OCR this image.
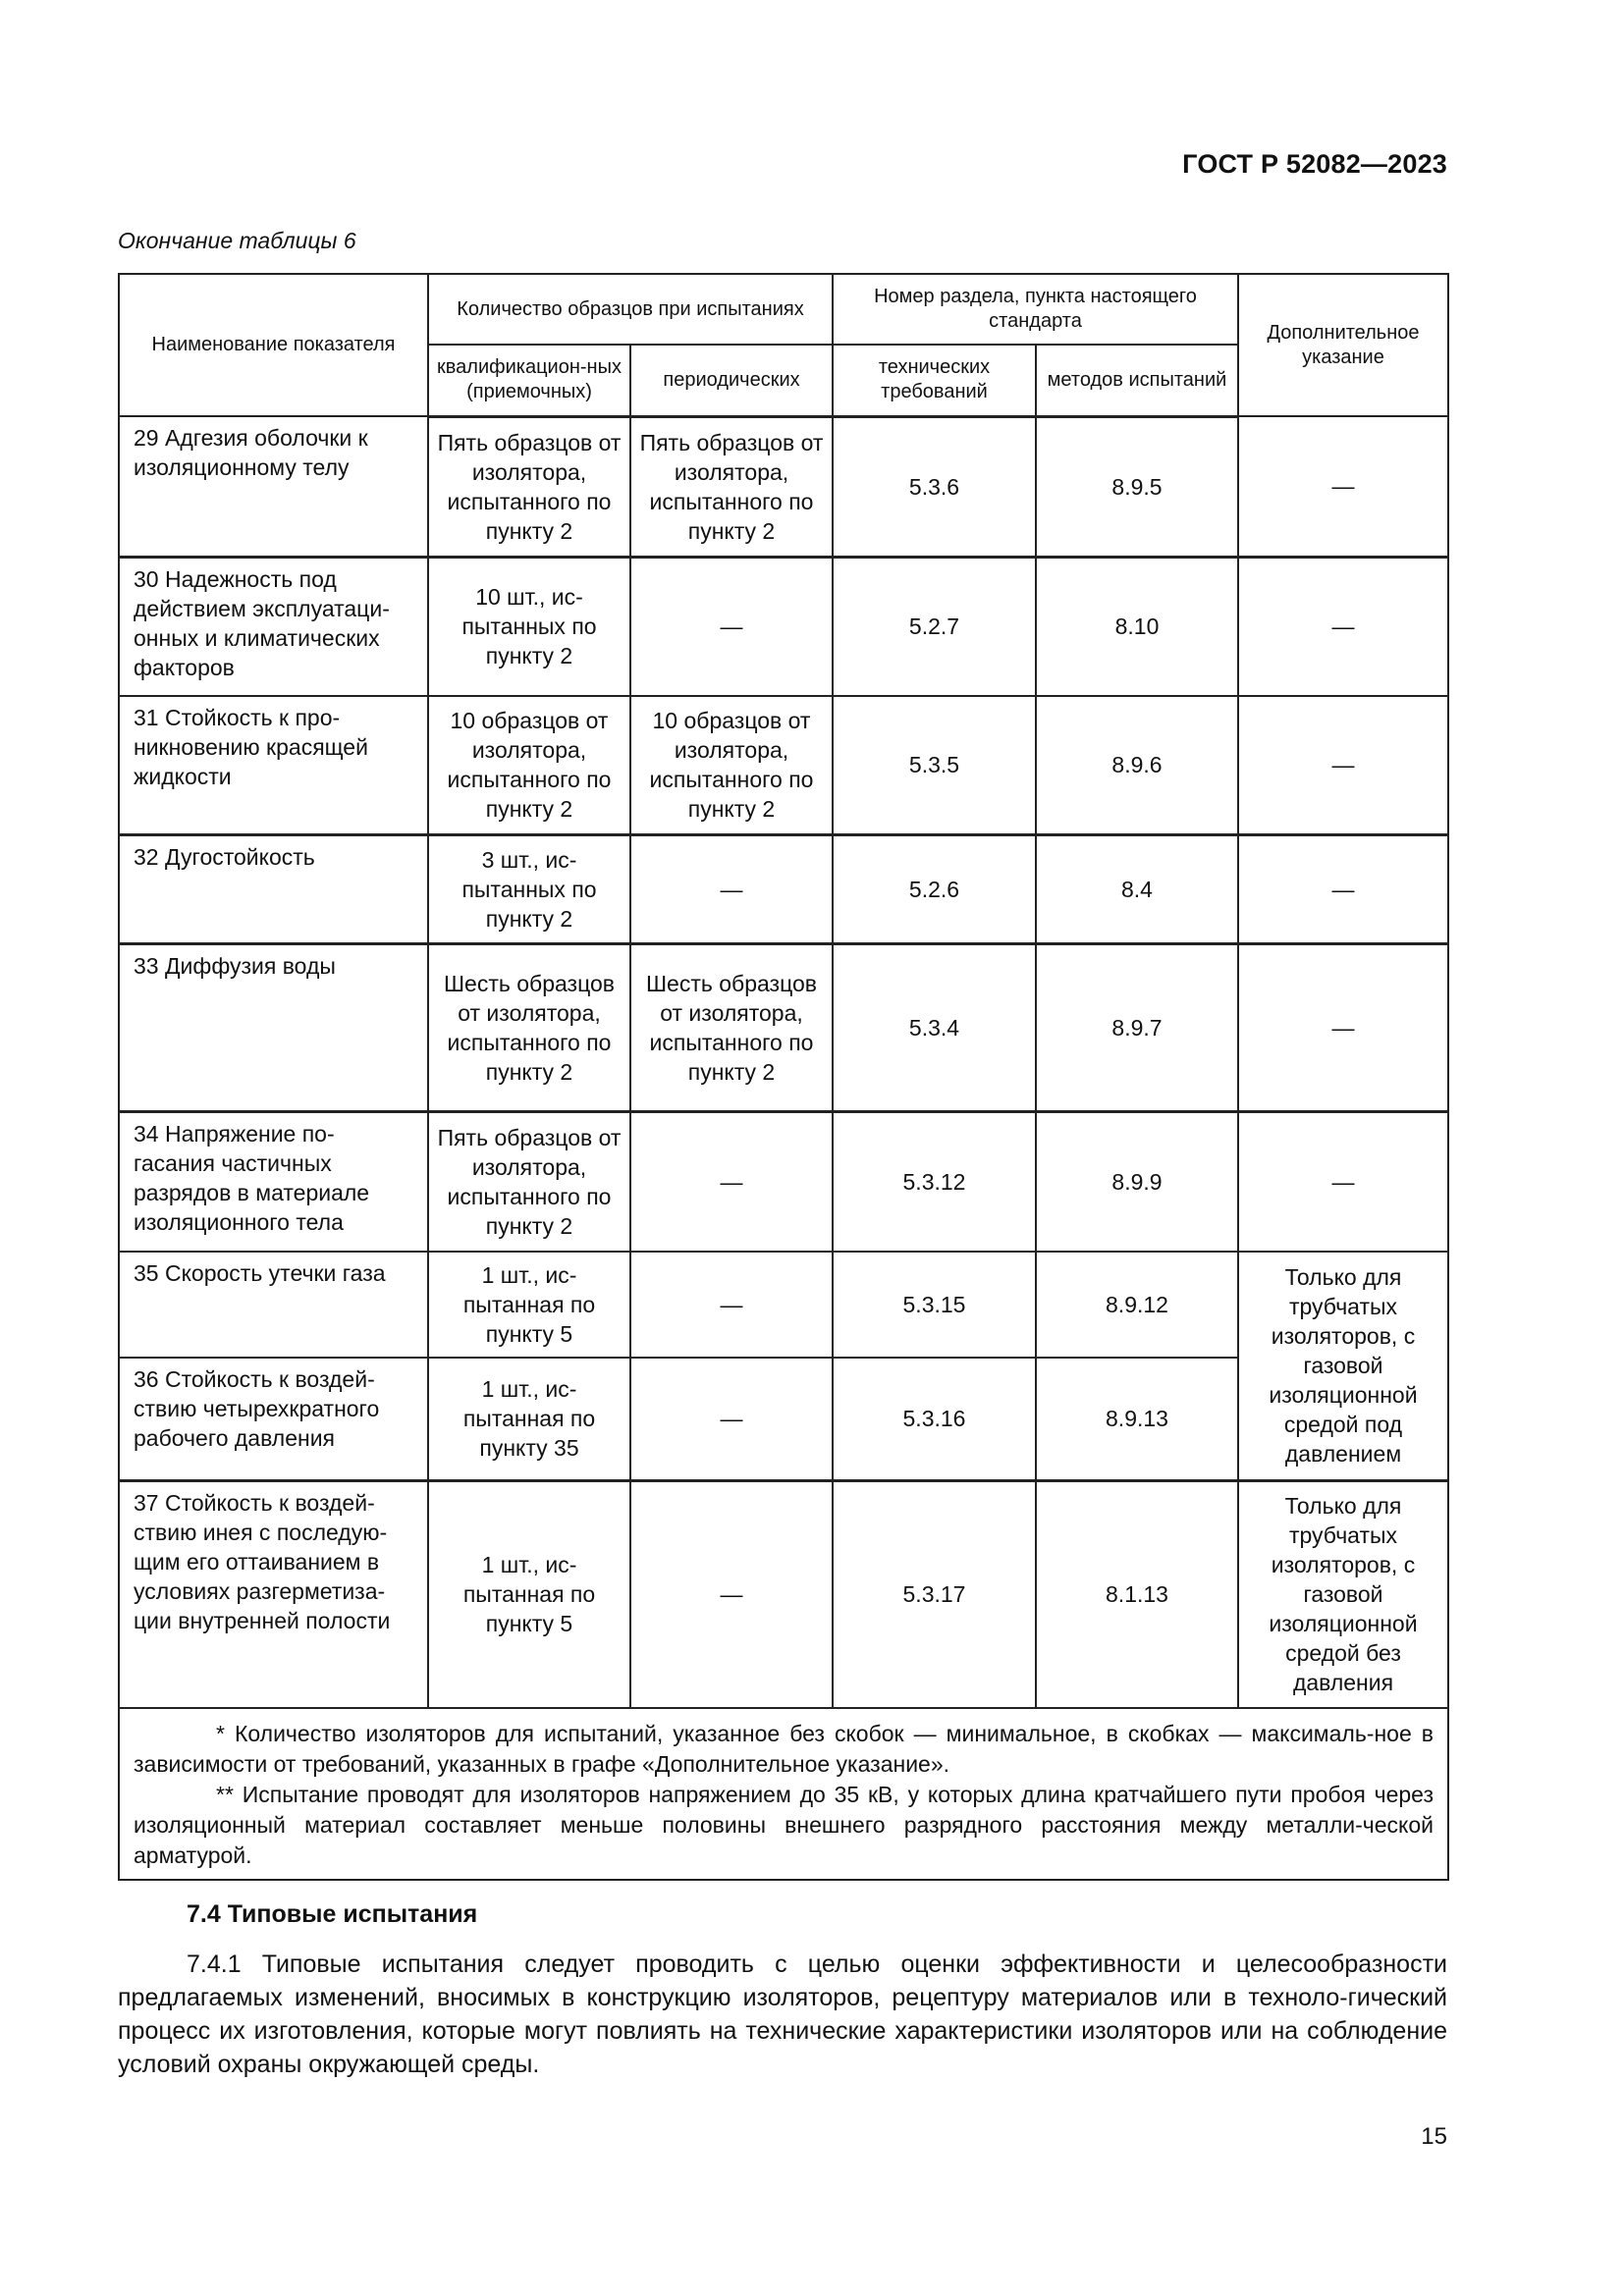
ГОСТ Р 52082—2023
Окончание таблицы 6
Наименование показателя	Количество образцов при испытаниях		Номер раздела, пункта настоящего стандарта		Дополнительное указание
	квалификацион-ных (приемочных)	периодических	технических требований	методов испытаний	
29 Адгезия оболочки к изоляционному телу	Пять образцов от изолятора, испытанного по пункту 2	Пять образцов от изолятора, испытанного по пункту 2	5.3.6	8.9.5	—
30 Надежность под действием эксплуатаци-онных и климатических факторов	10 шт., ис-пытанных по пункту 2	—	5.2.7	8.10	—
31 Стойкость к про-никновению красящей жидкости	10 образцов от изолятора, испытанного по пункту 2	10 образцов от изолятора, испытанного по пункту 2	5.3.5	8.9.6	—
32 Дугостойкость	3 шт., ис-пытанных по пункту 2	—	5.2.6	8.4	—
33 Диффузия воды	Шесть образцов от изолятора, испытанного по пункту 2	Шесть образцов от изолятора, испытанного по пункту 2	5.3.4	8.9.7	—
34 Напряжение по-гасания частичных разрядов в материале изоляционного тела	Пять образцов от изолятора, испытанного по пункту 2	—	5.3.12	8.9.9	—
35 Скорость утечки газа	1 шт., ис-пытанная по пункту 5	—	5.3.15	8.9.12	Только для трубчатых изоляторов, с газовой изоляционной средой под давлением
36 Стойкость к воздей-ствию четырехкратного рабочего давления	1 шт., ис-пытанная по пункту 35	—	5.3.16	8.9.13	
37 Стойкость к воздей-ствию инея с последую-щим его оттаиванием в условиях разгерметиза-ции внутренней полости	1 шт., ис-пытанная по пункту 5	—	5.3.17	8.1.13	Только для трубчатых изоляторов, с газовой изоляционной средой без давления

* Количество изоляторов для испытаний, указанное без скобок — минимальное, в скобках — максималь-ное в зависимости от требований, указанных в графе «Дополнительное указание».
** Испытание проводят для изоляторов напряжением до 35 кВ, у которых длина кратчайшего пути пробоя через изоляционный материал составляет меньше половины внешнего разрядного расстояния между металли-ческой арматурой.					
7.4 Типовые испытания
7.4.1 Типовые испытания следует проводить с целью оценки эффективности и целесообразности предлагаемых изменений, вносимых в конструкцию изоляторов, рецептуру материалов или в техноло-гический процесс их изготовления, которые могут повлиять на технические характеристики изоляторов или на соблюдение условий охраны окружающей среды.
15
